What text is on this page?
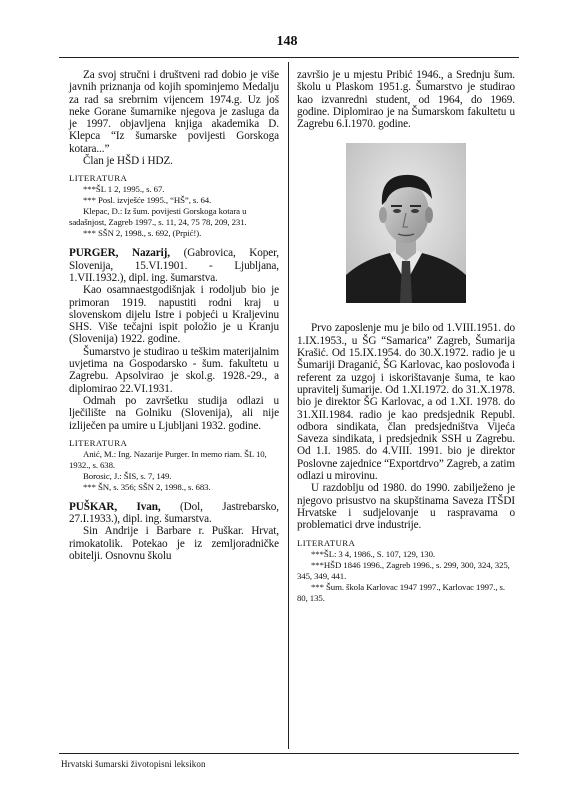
148

Za svoj stručni i društveni rad dobio je više javnih priznanja od kojih spominjemo Medalju za rad sa srebrnim vijencem 1974.g. Uz još neke Gorane šumarnike njegova je zasluga da je 1997. objavljena knjiga akademika D. Klepca “Iz šumarske povijesti Gorskoga kotara...”

Član je HŠD i HDZ.

LITERATURA

***ŠL 1 2, 1995., s. 67.

*** Posl. izvješće 1995., “HŠ”, s. 64.

Klepac, D.: Iz šum. povijesti Gorskoga kotara u sadašnjost, Zagreb 1997., s. 11, 24, 75 78, 209, 231.

*** SŠN 2, 1998., s. 692, (Prpić!).

PURGER, Nazarij, (Gabrovica, Koper, Slovenija, 15.VI.1901. - Ljubljana, 1.VII.1932.), dipl. ing. šumarstva.

Kao osamnaestgodišnjak i rodoljub bio je primoran 1919. napustiti rodni kraj u slovenskom dijelu Istre i pobjeći u Kraljevinu SHS. Više tečajni ispit položio je u Kranju (Slovenija) 1922. godine.

Šumarstvo je studirao u teškim materijalnim uvjetima na Gospodarsko - šum. fakultetu u Zagrebu. Apsolvirao je skol.g. 1928.-29., a diplomirao 22.VI.1931.

Odmah po završetku studija odlazi u lječilište na Golniku (Slovenija), ali nije izliječen pa umire u Ljubljani 1932. godine.

LITERATURA

Anić, M.: Ing. Nazarije Purger. In memo riam. ŠL 10, 1932., s. 638.

Borosic, J.: ŠIS, s. 7, 149.

*** ŠN, s. 356; SŠN 2, 1998., s. 683.

PUŠKAR, Ivan, (Dol, Jastrebarsko, 27.I.1933.), dipl. ing. šumarstva.

Sin Andrije i Barbare r. Puškar. Hrvat, rimokatolik. Potekao je iz zemljoradničke obitelji. Osnovnu školu

završio je u mjestu Pribić 1946., a Srednju šum. školu u Plaskom 1951.g. Šumarstvo je studirao kao izvanredni student, od 1964, do 1969. godine. Diplomirao je na Šumarskom fakultetu u Zagrebu 6.I.1970. godine.

Prvo zaposlenje mu je bilo od 1.VIII.1951. do 1.IX.1953., u ŠG “Samarica” Zagreb, Šumarija Krašić. Od 15.IX.1954. do 30.X.1972. radio je u Šumariji Draganić, ŠG Karlovac, kao poslovođa i referent za uzgoj i iskorištavanje šuma, te kao upravitelj šumarije. Od 1.XI.1972. do 31.X.1978. bio je direktor ŠG Karlovac, a od 1.XI. 1978. do 31.XII.1984. radio je kao predsjednik Republ. odbora sindikata, član predsjedništva Vijeća Saveza sindikata, i predsjednik SSH u Zagrebu. Od 1.I. 1985. do 4.VIII. 1991. bio je direktor Poslovne zajednice “Exportdrvo” Zagreb, a zatim odlazi u mirovinu.

U razdoblju od 1980. do 1990. zabilježeno je njegovo prisustvo na skupštinama Saveza ITŠDI Hrvatske i sudjelovanje u raspravama o problematici drve industrije.

LITERATURA

***ŠL: 3 4, 1986., S. 107, 129, 130.

***HŠD 1846 1996., Zagreb 1996., s. 299, 300, 324, 325, 345, 349, 441.

*** Šum. škola Karlovac 1947 1997., Karlovac 1997., s. 80, 135.

Hrvatski šumarski životopisni leksikon
